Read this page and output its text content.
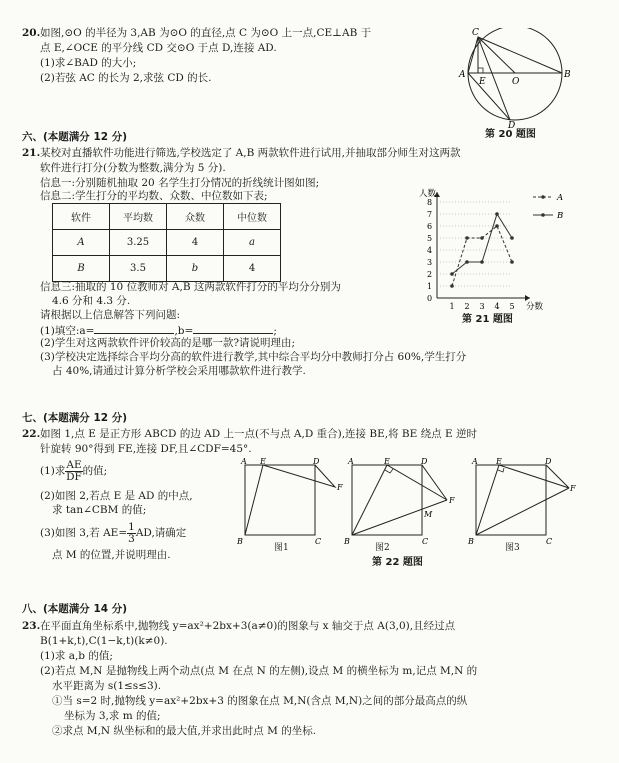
20. 如图,⊙O 的半径为 3,AB 为⊙O 的直径,点 C 为⊙O 上一点,CE⊥AB 于
点 E,∠OCE 的平分线 CD 交⊙O 于点 D,连接 AD.
(1)求∠BAD 的大小;
(2)若弦 AC 的长为 2,求弦 CD 的长.
C
A
E	O
B
D
第 20 题图
六、(本题满分 12 分)
21. 某校对直播软件功能进行筛选,学校选定了 A,B 两款软件进行试用,并抽取部分师生对这两款
软件进行打分(分数为整数,满分为 5 分).
信息一:分别随机抽取 20 名学生打分情况的折线统计图如图;
信息二:学生打分的平均数、众数、中位数如下表;
软件	平均数	众数	中位数
A	3.25	4	a
B	3.5	b	4
信息三:抽取的 10 位教师对 A,B 这两款软件打分的平均分分别为
4.6 分和 4.3 分.
请根据以上信息解答下列问题:
(1)填空:a=	,b=	;
(2)学生对这两款软件评价较高的是哪一款?请说明理由;
(3)学校决定选择综合平均分高的软件进行教学,其中综合平均分中教师打分占 60%,学生打分
占 40%,请通过计算分析学校会采用哪款软件进行教学.
0
1
2
3
4
5
6
7
8
1 2 3 4 5
人数
分数
A
B
第 21 题图
七、(本题满分 12 分)
22. 如图 1,点 E 是正方形 ABCD 的边 AD 上一点(不与点 A,D 重合),连接 BE,将 BE 绕点 E 逆时
针旋转 90°得到 FE,连接 DF,且∠CDF=45°.
(1)求 $\frac{AE}{DF}$ 的值;
(2)如图 2,若点 E 是 AD 的中点,
求 tan∠CBM 的值;
(3)如图 3,若 $AE= \frac{1}{3}$ AD,请确定
点 M 的位置,并说明理由.
A E	D
F
B	C
图1
A	E	D
F
M
B	C
图2
A E	D
F
B	C
图3
第 22 题图
八、(本题满分 14 分)
23. 在平面直角坐标系中,抛物线 y=ax²+2bx+3(a≠0)的图象与 x 轴交于点 A(3,0),且经过点
B(1+k,t),C(1−k,t)(k≠0).
(1)求 a,b 的值;
(2)若点 M,N 是抛物线上两个动点(点 M 在点 N 的左侧),设点 M 的横坐标为 m,记点 M,N 的
水平距离为 s(1≤s≤3).
①当 s=2 时,抛物线 y=ax²+2bx+3 的图象在点 M,N(含点 M,N)之间的部分最高点的纵
坐标为 3,求 m 的值;
②求点 M,N 纵坐标和的最大值,并求出此时点 M 的坐标.
